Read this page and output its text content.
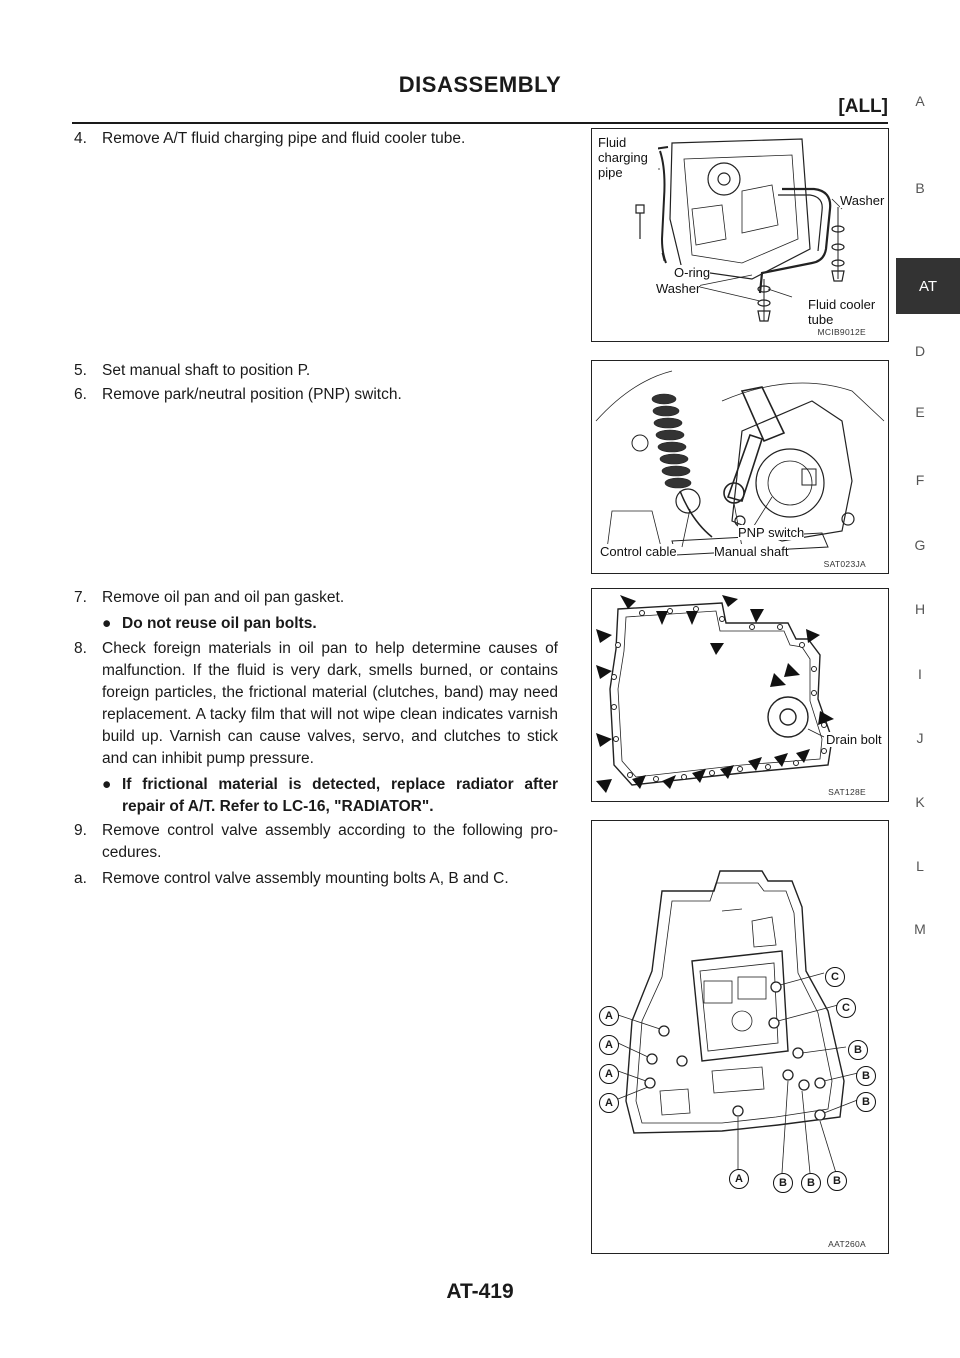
DISASSEMBLY
[ALL]	A
B
AT
D
E
F
G
H
I
J
K
L
M
4. Remove A/T fluid charging pipe and fluid cooler tube.
5. Set manual shaft to position P.
6. Remove park/neutral position (PNP) switch.
7. Remove oil pan and oil pan gasket.
● Do not reuse oil pan bolts.
8. Check foreign materials in oil pan to help determine causes of malfunction. If the fluid is very dark, smells burned, or contains foreign particles, the frictional material (clutches, band) may need replacement. A tacky film that will not wipe clean indicates varnish build up. Varnish can cause valves, servo, and clutches to stick and can inhibit pump pressure.
● If frictional material is detected, replace radiator after repair of A/T. Refer to LC-16, "RADIATOR".
9. Remove control valve assembly according to the following pro- cedures.
a. Remove control valve assembly mounting bolts A, B and C.
Fluid charging pipe
Washer
O-ring
Washer
Fluid cooler tube
MCIB9012E
PNP switch
Control cable	Manual shaft
SAT023JA
Drain bolt
SAT128E
C
C
A
B
A
B
A
B
A
A	B	B	B
AAT260A
AT-419
